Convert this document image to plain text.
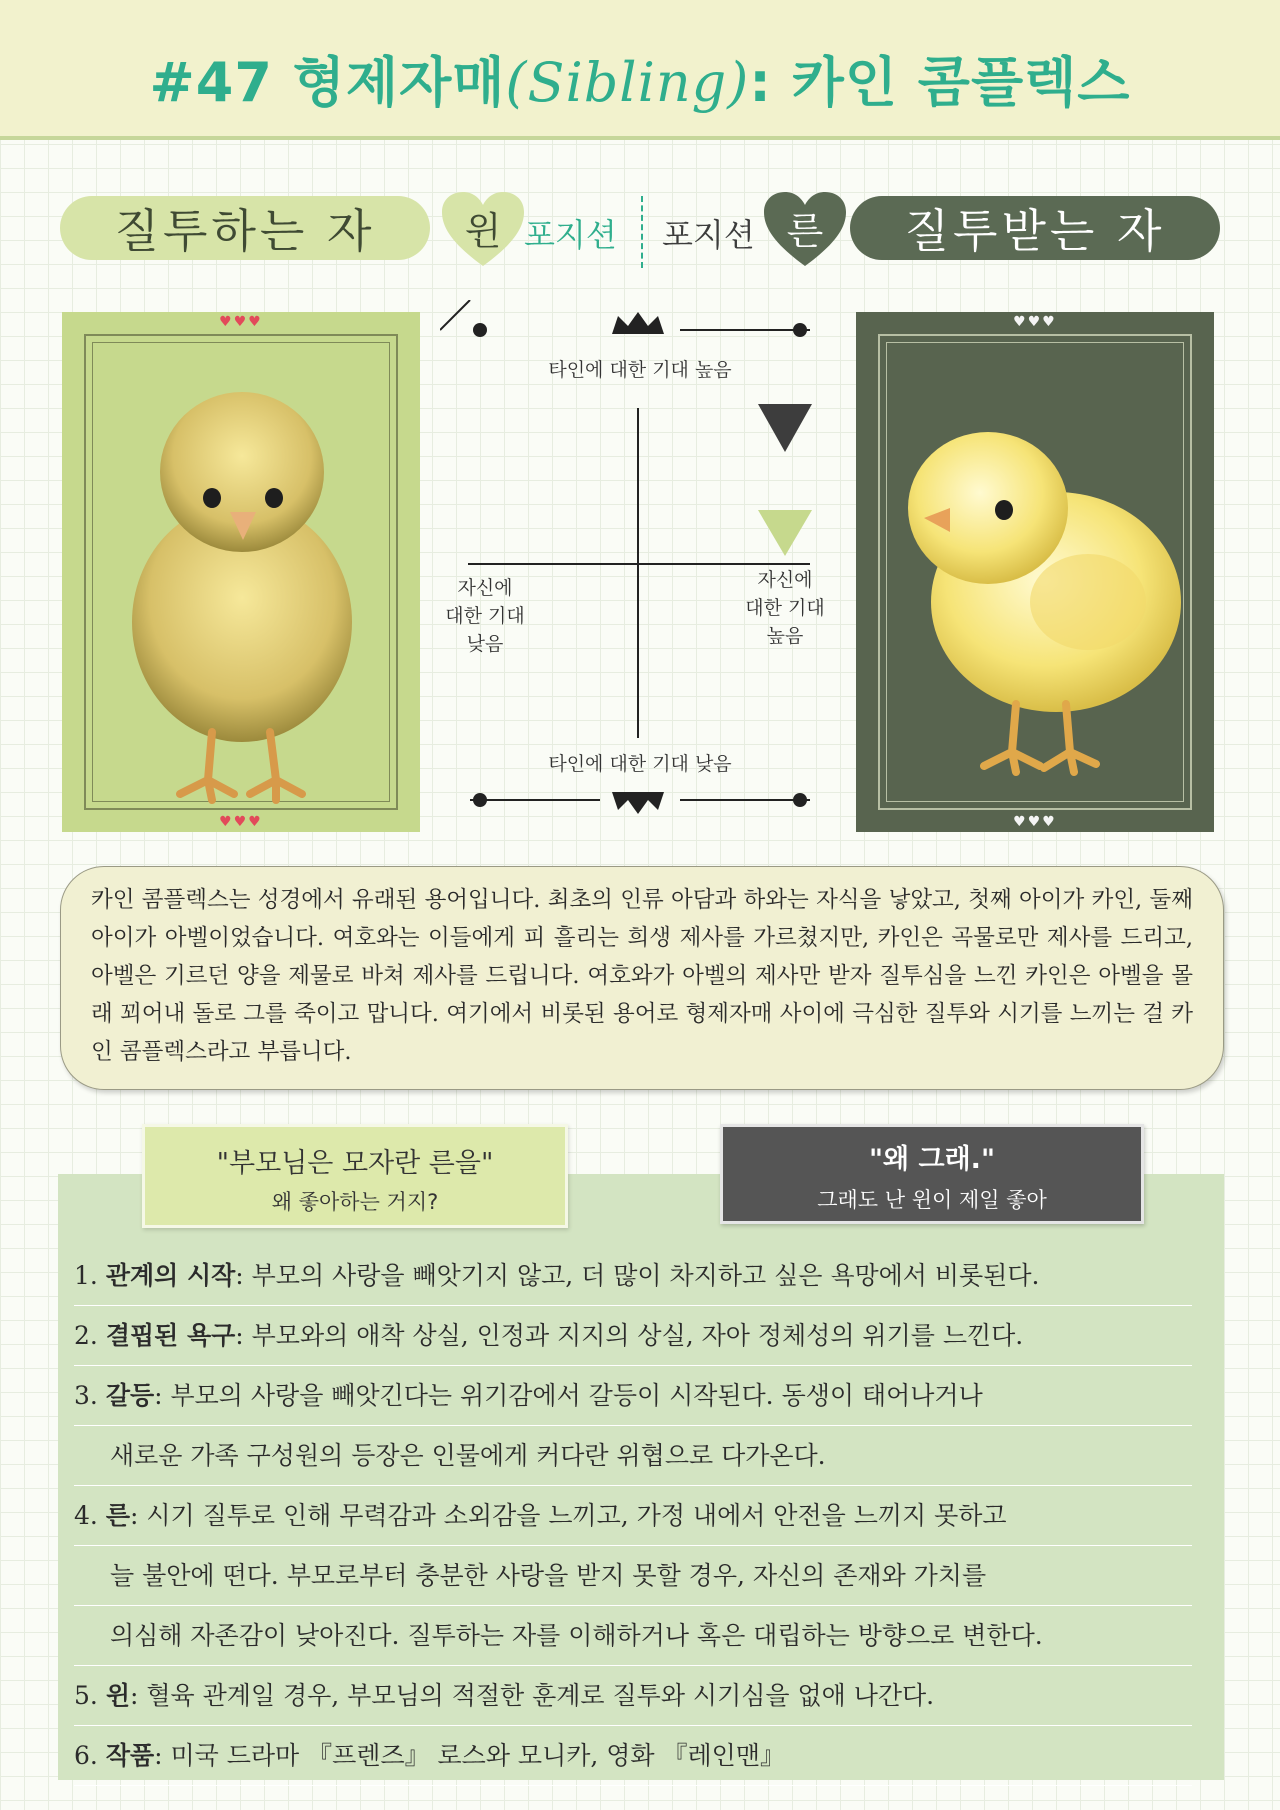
#47 형제자매(Sibling): 카인 콤플렉스
질투하는 자	윈 포지션 포지션 른	질투받는 자
♥♥♥
♥♥♥
♥♥♥
♥♥♥
타인에 대한 기대 높음
타인에 대한 기대 낮음
자신에
대한 기대
낮음
자신에
대한 기대
높음

카인 콤플렉스는 성경에서 유래된 용어입니다. 최초의 인류 아담과 하와는 자식을 낳았고, 첫째 아이가 카인, 둘째 아이가 아벨이었습니다. 여호와는 이들에게 피 흘리는 희생 제사를 가르쳤지만, 카인은 곡물로만 제사를 드리고, 아벨은 기르던 양을 제물로 바쳐 제사를 드립니다. 여호와가 아벨의 제사만 받자 질투심을 느낀 카인은 아벨을 몰래 꾀어내 돌로 그를 죽이고 맙니다. 여기에서 비롯된 용어로 형제자매 사이에 극심한 질투와 시기를 느끼는 걸 카인 콤플렉스라고 부릅니다.

"부모님은 모자란 른을"
왜 좋아하는 거지?
"왜 그래."
그래도 난 윈이 제일 좋아
1. 관계의 시작: 부모의 사랑을 빼앗기지 않고, 더 많이 차지하고 싶은 욕망에서 비롯된다.
2. 결핍된 욕구: 부모와의 애착 상실, 인정과 지지의 상실, 자아 정체성의 위기를 느낀다.
3. 갈등: 부모의 사랑을 빼앗긴다는 위기감에서 갈등이 시작된다. 동생이 태어나거나
새로운 가족 구성원의 등장은 인물에게 커다란 위협으로 다가온다.
4. 른: 시기 질투로 인해 무력감과 소외감을 느끼고, 가정 내에서 안전을 느끼지 못하고
늘 불안에 떤다. 부모로부터 충분한 사랑을 받지 못할 경우, 자신의 존재와 가치를
의심해 자존감이 낮아진다. 질투하는 자를 이해하거나 혹은 대립하는 방향으로 변한다.
5. 윈: 혈육 관계일 경우, 부모님의 적절한 훈계로 질투와 시기심을 없애 나간다.
6. 작품: 미국 드라마 『프렌즈』 로스와 모니카, 영화 『레인맨』
